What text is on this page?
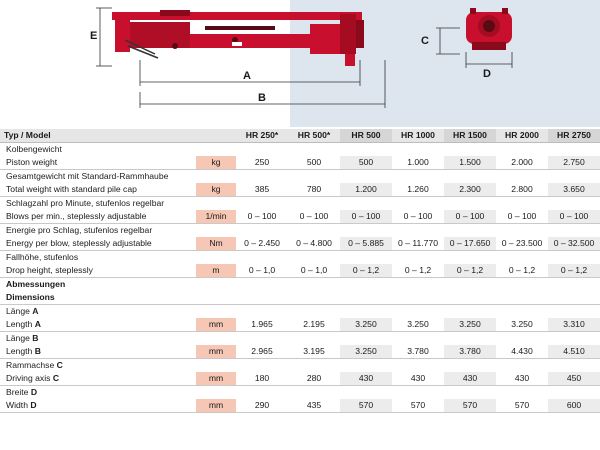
E
A
B
C
D
Typ / Model		HR 250*	HR 500*	HR 500	HR 1000	HR 1500	HR 2000	HR 2750
Kolbengewicht								
Piston weight	kg	250	500	500	1.000	1.500	2.000	2.750
Gesamtgewicht mit Standard-Rammhaube								
Total weight with standard pile cap	kg	385	780	1.200	1.260	2.300	2.800	3.650
Schlagzahl pro Minute, stufenlos regelbar								
Blows per min., steplessly adjustable	1/min	0 – 100	0 – 100	0 – 100	0 – 100	0 – 100	0 – 100	0 – 100
Energie pro Schlag, stufenlos regelbar								
Energy per blow, steplessly adjustable	Nm	0 – 2.450	0 – 4.800	0 – 5.885	0 – 11.770	0 – 17.650	0 – 23.500	0 – 32.500
Fallhöhe, stufenlos								
Drop height, steplessly	m	0 – 1,0	0 – 1,0	0 – 1,2	0 – 1,2	0 – 1,2	0 – 1,2	0 – 1,2
Abmessungen								
Dimensions								
Länge A								
Length A	mm	1.965	2.195	3.250	3.250	3.250	3.250	3.310
Länge B								
Length B	mm	2.965	3.195	3.250	3.780	3.780	4.430	4.510
Rammachse C								
Driving axis C	mm	180	280	430	430	430	430	450
Breite D								
Width D	mm	290	435	570	570	570	570	600
